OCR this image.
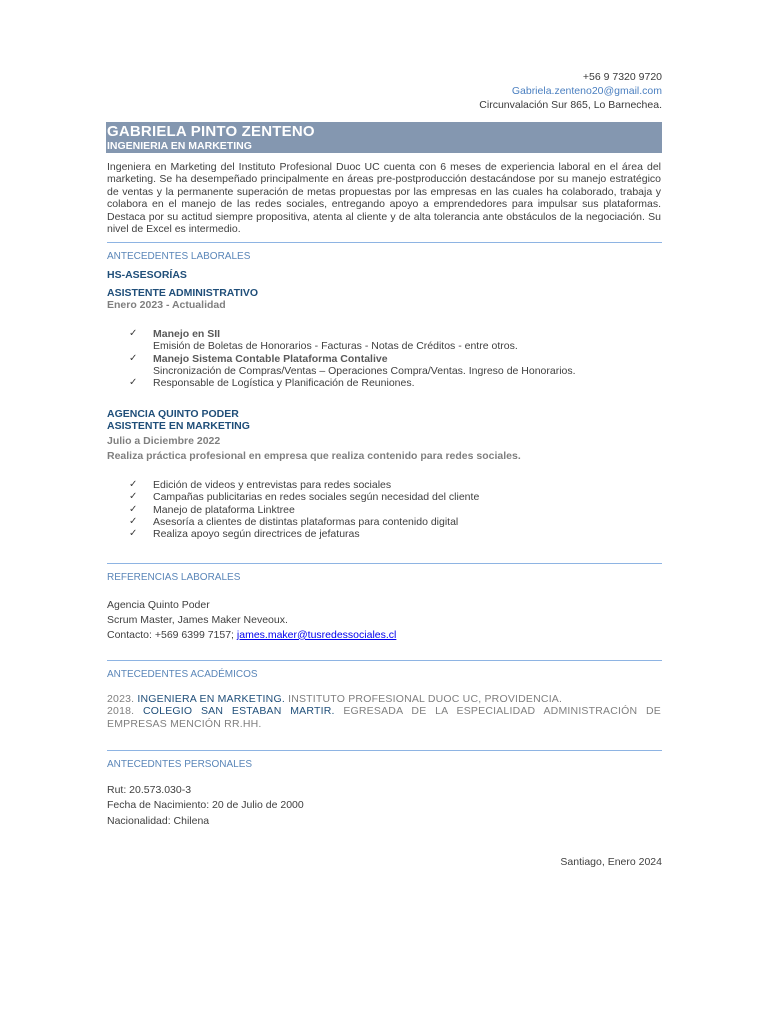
+56 9 7320 9720
Gabriela.zenteno20@gmail.com
Circunvalación Sur 865, Lo Barnechea.
GABRIELA PINTO ZENTENO
INGENIERIA EN MARKETING
Ingeniera en Marketing del Instituto Profesional Duoc UC cuenta con 6 meses de experiencia laboral en el área del marketing. Se ha desempeñado principalmente en áreas pre-postproducción destacándose por su manejo estratégico de ventas y la permanente superación de metas propuestas por las empresas en las cuales ha colaborado, trabaja y colabora en el manejo de las redes sociales, entregando apoyo a emprendedores para impulsar sus plataformas. Destaca por su actitud siempre propositiva, atenta al cliente y de alta tolerancia ante obstáculos de la negociación. Su nivel de Excel es intermedio.
ANTECEDENTES LABORALES
HS-ASESORÍAS
ASISTENTE ADMINISTRATIVO
Enero 2023 - Actualidad
✓ Manejo en SII
Emisión de Boletas de Honorarios - Facturas - Notas de Créditos - entre otros.
✓ Manejo Sistema Contable Plataforma Contalive
Sincronización de Compras/Ventas – Operaciones Compra/Ventas. Ingreso de Honorarios.
✓ Responsable de Logística y Planificación de Reuniones.
AGENCIA QUINTO PODER
ASISTENTE EN MARKETING
Julio a Diciembre 2022
Realiza práctica profesional en empresa que realiza contenido para redes sociales.
✓ Edición de videos y entrevistas para redes sociales
✓ Campañas publicitarias en redes sociales según necesidad del cliente
✓ Manejo de plataforma Linktree
✓ Asesoría a clientes de distintas plataformas para contenido digital
✓ Realiza apoyo según directrices de jefaturas
REFERENCIAS LABORALES
Agencia Quinto Poder
Scrum Master, James Maker Neveoux.
Contacto: +569 6399 7157; james.maker@tusredessociales.cl
ANTECEDENTES ACADÉMICOS
2023. INGENIERA EN MARKETING. INSTITUTO PROFESIONAL DUOC UC, PROVIDENCIA.
2018. COLEGIO SAN ESTABAN MARTIR. EGRESADA DE LA ESPECIALIDAD ADMINISTRACIÓN DE EMPRESAS MENCIÓN RR.HH.
ANTECEDNTES PERSONALES
Rut: 20.573.030-3
Fecha de Nacimiento: 20 de Julio de 2000
Nacionalidad: Chilena
Santiago, Enero 2024
